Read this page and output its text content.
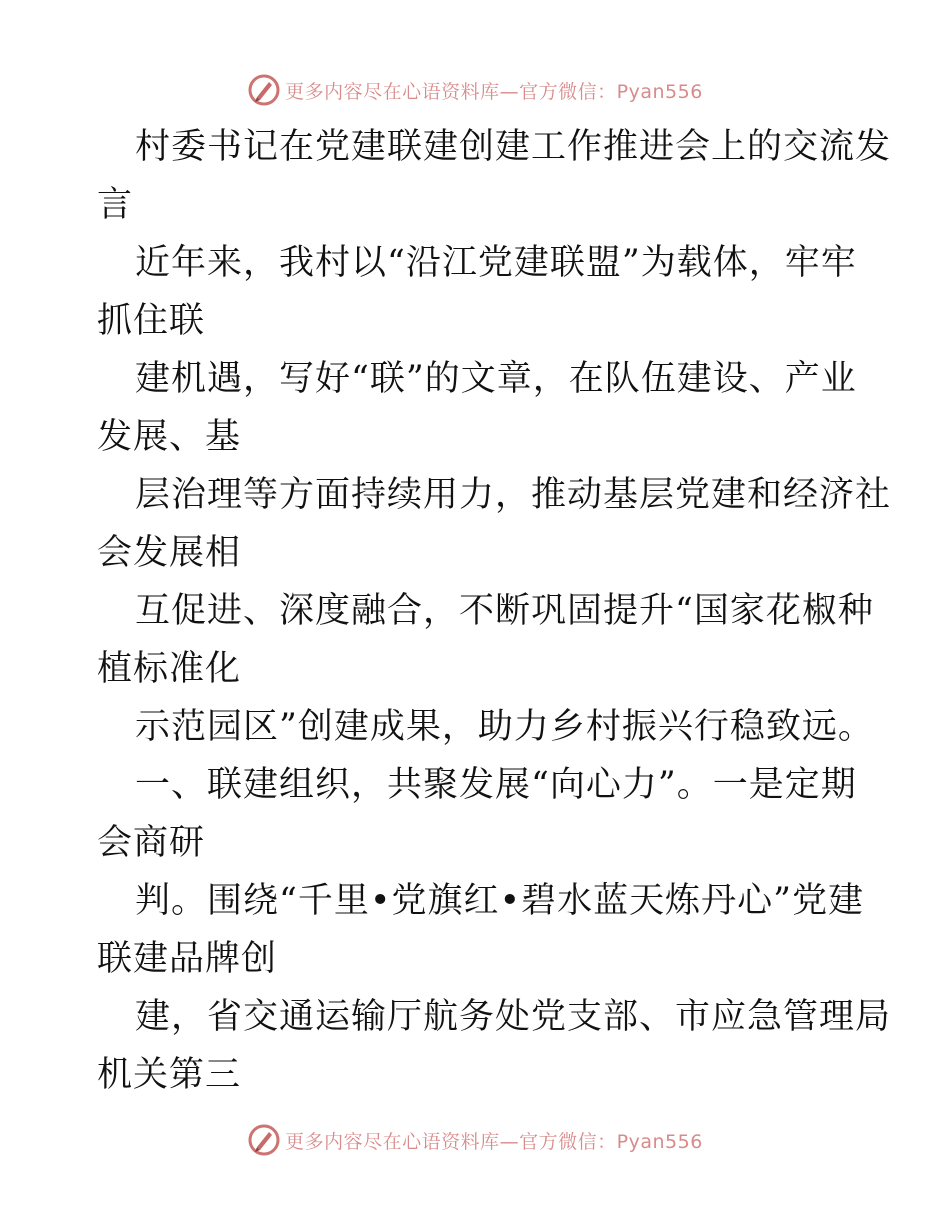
更多内容尽在心语资料库—官方微信：Pyan556
村委书记在党建联建创建工作推进会上的交流发
言
近年来，我村以“沿江党建联盟”为载体，牢牢
抓住联
建机遇，写好“联”的文章，在队伍建设、产业
发展、基
层治理等方面持续用力，推动基层党建和经济社
会发展相
互促进、深度融合，不断巩固提升“国家花椒种
植标准化
示范园区”创建成果，助力乡村振兴行稳致远。
一、联建组织，共聚发展“向心力”。一是定期
会商研
判。围绕“千里•党旗红•碧水蓝天炼丹心”党建
联建品牌创
建，省交通运输厅航务处党支部、市应急管理局
机关第三
更多内容尽在心语资料库—官方微信：Pyan556
